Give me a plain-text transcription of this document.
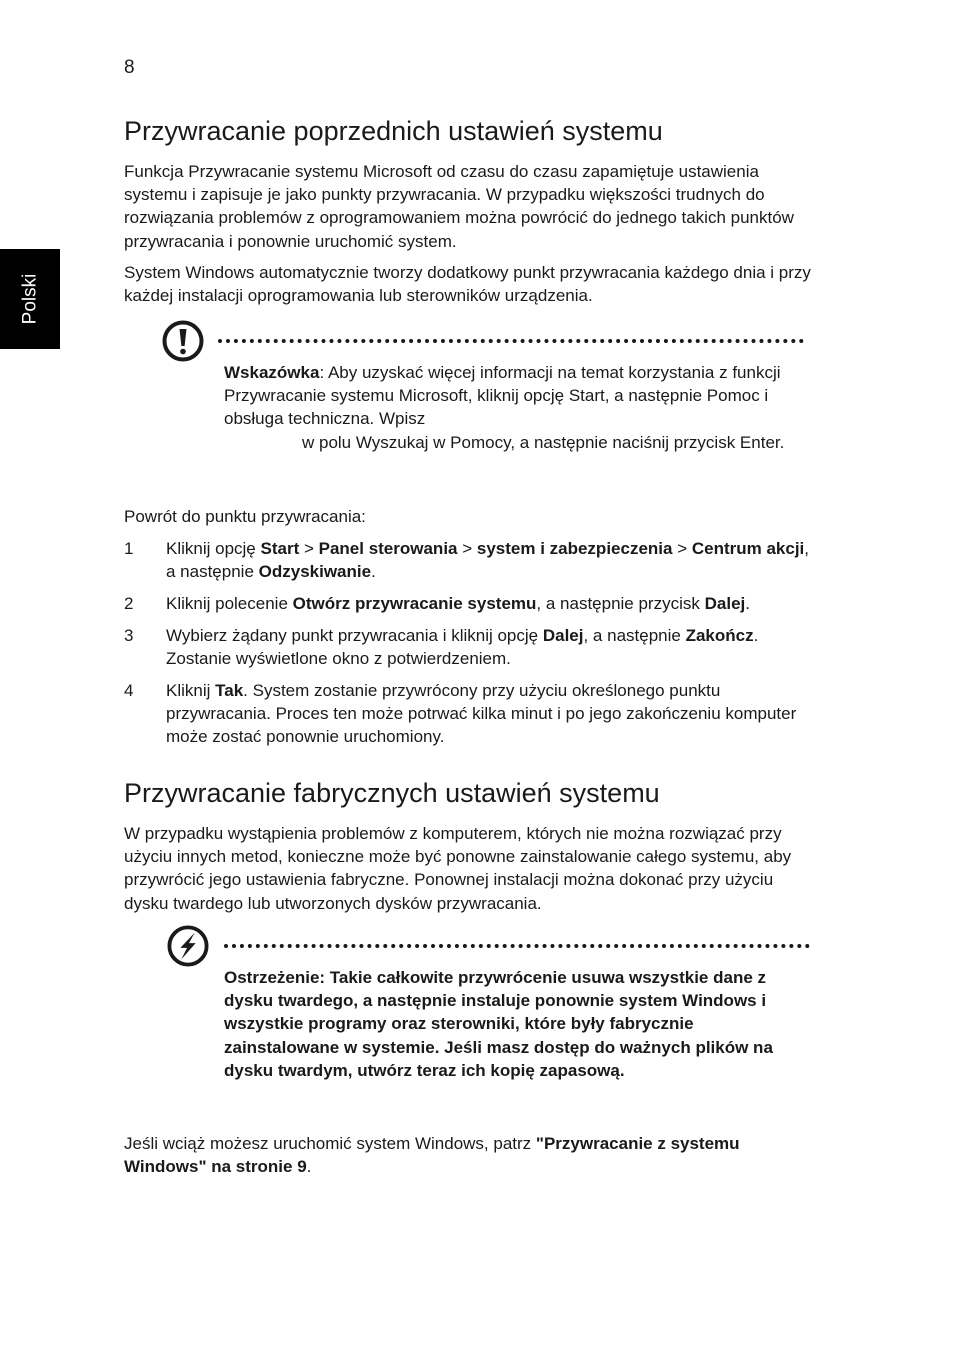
8
Polski
Przywracanie poprzednich ustawień systemu

Funkcja Przywracanie systemu Microsoft od czasu do czasu zapamiętuje ustawienia systemu i zapisuje je jako punkty przywracania. W przypadku większości trudnych do rozwiązania problemów z oprogramowaniem można powrócić do jednego takich punktów przywracania i ponownie uruchomić system.

System Windows automatycznie tworzy dodatkowy punkt przywracania każdego dnia i przy każdej instalacji oprogramowania lub sterowników urządzenia.

Wskazówka: Aby uzyskać więcej informacji na temat korzystania z funkcji Przywracanie systemu Microsoft, kliknij opcję Start, a następnie Pomoc i obsługa techniczna. Wpisz
w polu Wyszukaj w Pomocy, a następnie naciśnij przycisk Enter.

Powrót do punktu przywracania:

1 Kliknij opcję Start > Panel sterowania > system i zabezpieczenia > Centrum akcji, a następnie Odzyskiwanie.
2 Kliknij polecenie Otwórz przywracanie systemu, a następnie przycisk Dalej.
3 Wybierz żądany punkt przywracania i kliknij opcję Dalej, a następnie Zakończ. Zostanie wyświetlone okno z potwierdzeniem.
4 Kliknij Tak. System zostanie przywrócony przy użyciu określonego punktu przywracania. Proces ten może potrwać kilka minut i po jego zakończeniu komputer może zostać ponownie uruchomiony.
Przywracanie fabrycznych ustawień systemu

W przypadku wystąpienia problemów z komputerem, których nie można rozwiązać przy użyciu innych metod, konieczne może być ponowne zainstalowanie całego systemu, aby przywrócić jego ustawienia fabryczne. Ponownej instalacji można dokonać przy użyciu dysku twardego lub utworzonych dysków przywracania.

Ostrzeżenie: Takie całkowite przywrócenie usuwa wszystkie dane z dysku twardego, a następnie instaluje ponownie system Windows i wszystkie programy oraz sterowniki, które były fabrycznie zainstalowane w systemie. Jeśli masz dostęp do ważnych plików na dysku twardym, utwórz teraz ich kopię zapasową.

Jeśli wciąż możesz uruchomić system Windows, patrz "Przywracanie z systemu Windows" na stronie 9.
